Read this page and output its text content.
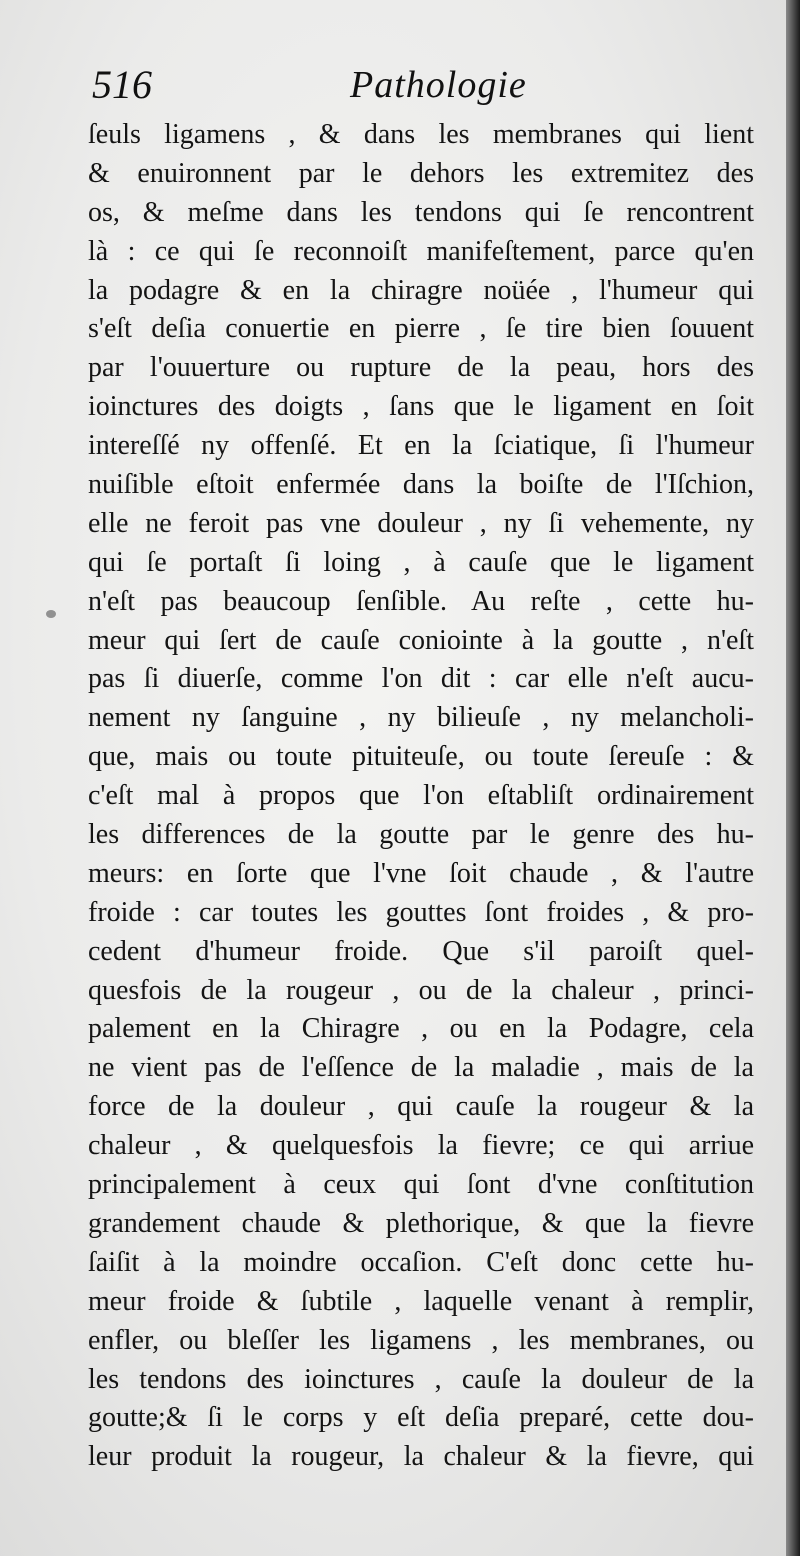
516	Pathologie
ſeuls ligamens , & dans les membranes qui lient
& enuironnent par le dehors les extremitez des
os, & meſme dans les tendons qui ſe rencontrent
là : ce qui ſe reconnoiſt manifeſtement, parce qu'en
la podagre & en la chiragre noüée , l'humeur qui
s'eſt deſia conuertie en pierre , ſe tire bien ſouuent
par l'ouuerture ou rupture de la peau, hors des
ioinctures des doigts , ſans que le ligament en ſoit
intereſſé ny offenſé. Et en la ſciatique, ſi l'humeur
nuiſible eſtoit enfermée dans la boiſte de l'Iſchion,
elle ne feroit pas vne douleur , ny ſi vehemente, ny
qui ſe portaſt ſi loing , à cauſe que le ligament
n'eſt pas beaucoup ſenſible. Au reſte , cette hu-
meur qui ſert de cauſe coniointe à la goutte , n'eſt
pas ſi diuerſe, comme l'on dit : car elle n'eſt aucu-
nement ny ſanguine , ny bilieuſe , ny melancholi-
que, mais ou toute pituiteuſe, ou toute ſereuſe : &
c'eſt mal à propos que l'on eſtabliſt ordinairement
les differences de la goutte par le genre des hu-
meurs: en ſorte que l'vne ſoit chaude , & l'autre
froide : car toutes les gouttes ſont froides , & pro-
cedent d'humeur froide. Que s'il paroiſt quel-
quesfois de la rougeur , ou de la chaleur , princi-
palement en la Chiragre , ou en la Podagre, cela
ne vient pas de l'eſſence de la maladie , mais de la
force de la douleur , qui cauſe la rougeur & la
chaleur , & quelquesfois la fievre; ce qui arriue
principalement à ceux qui ſont d'vne conſtitution
grandement chaude & plethorique, & que la fievre
ſaiſit à la moindre occaſion. C'eſt donc cette hu-
meur froide & ſubtile , laquelle venant à remplir,
enfler, ou bleſſer les ligamens , les membranes, ou
les tendons des ioinctures , cauſe la douleur de la
goutte;& ſi le corps y eſt deſia preparé, cette dou-
leur produit la rougeur, la chaleur & la fievre, qui
